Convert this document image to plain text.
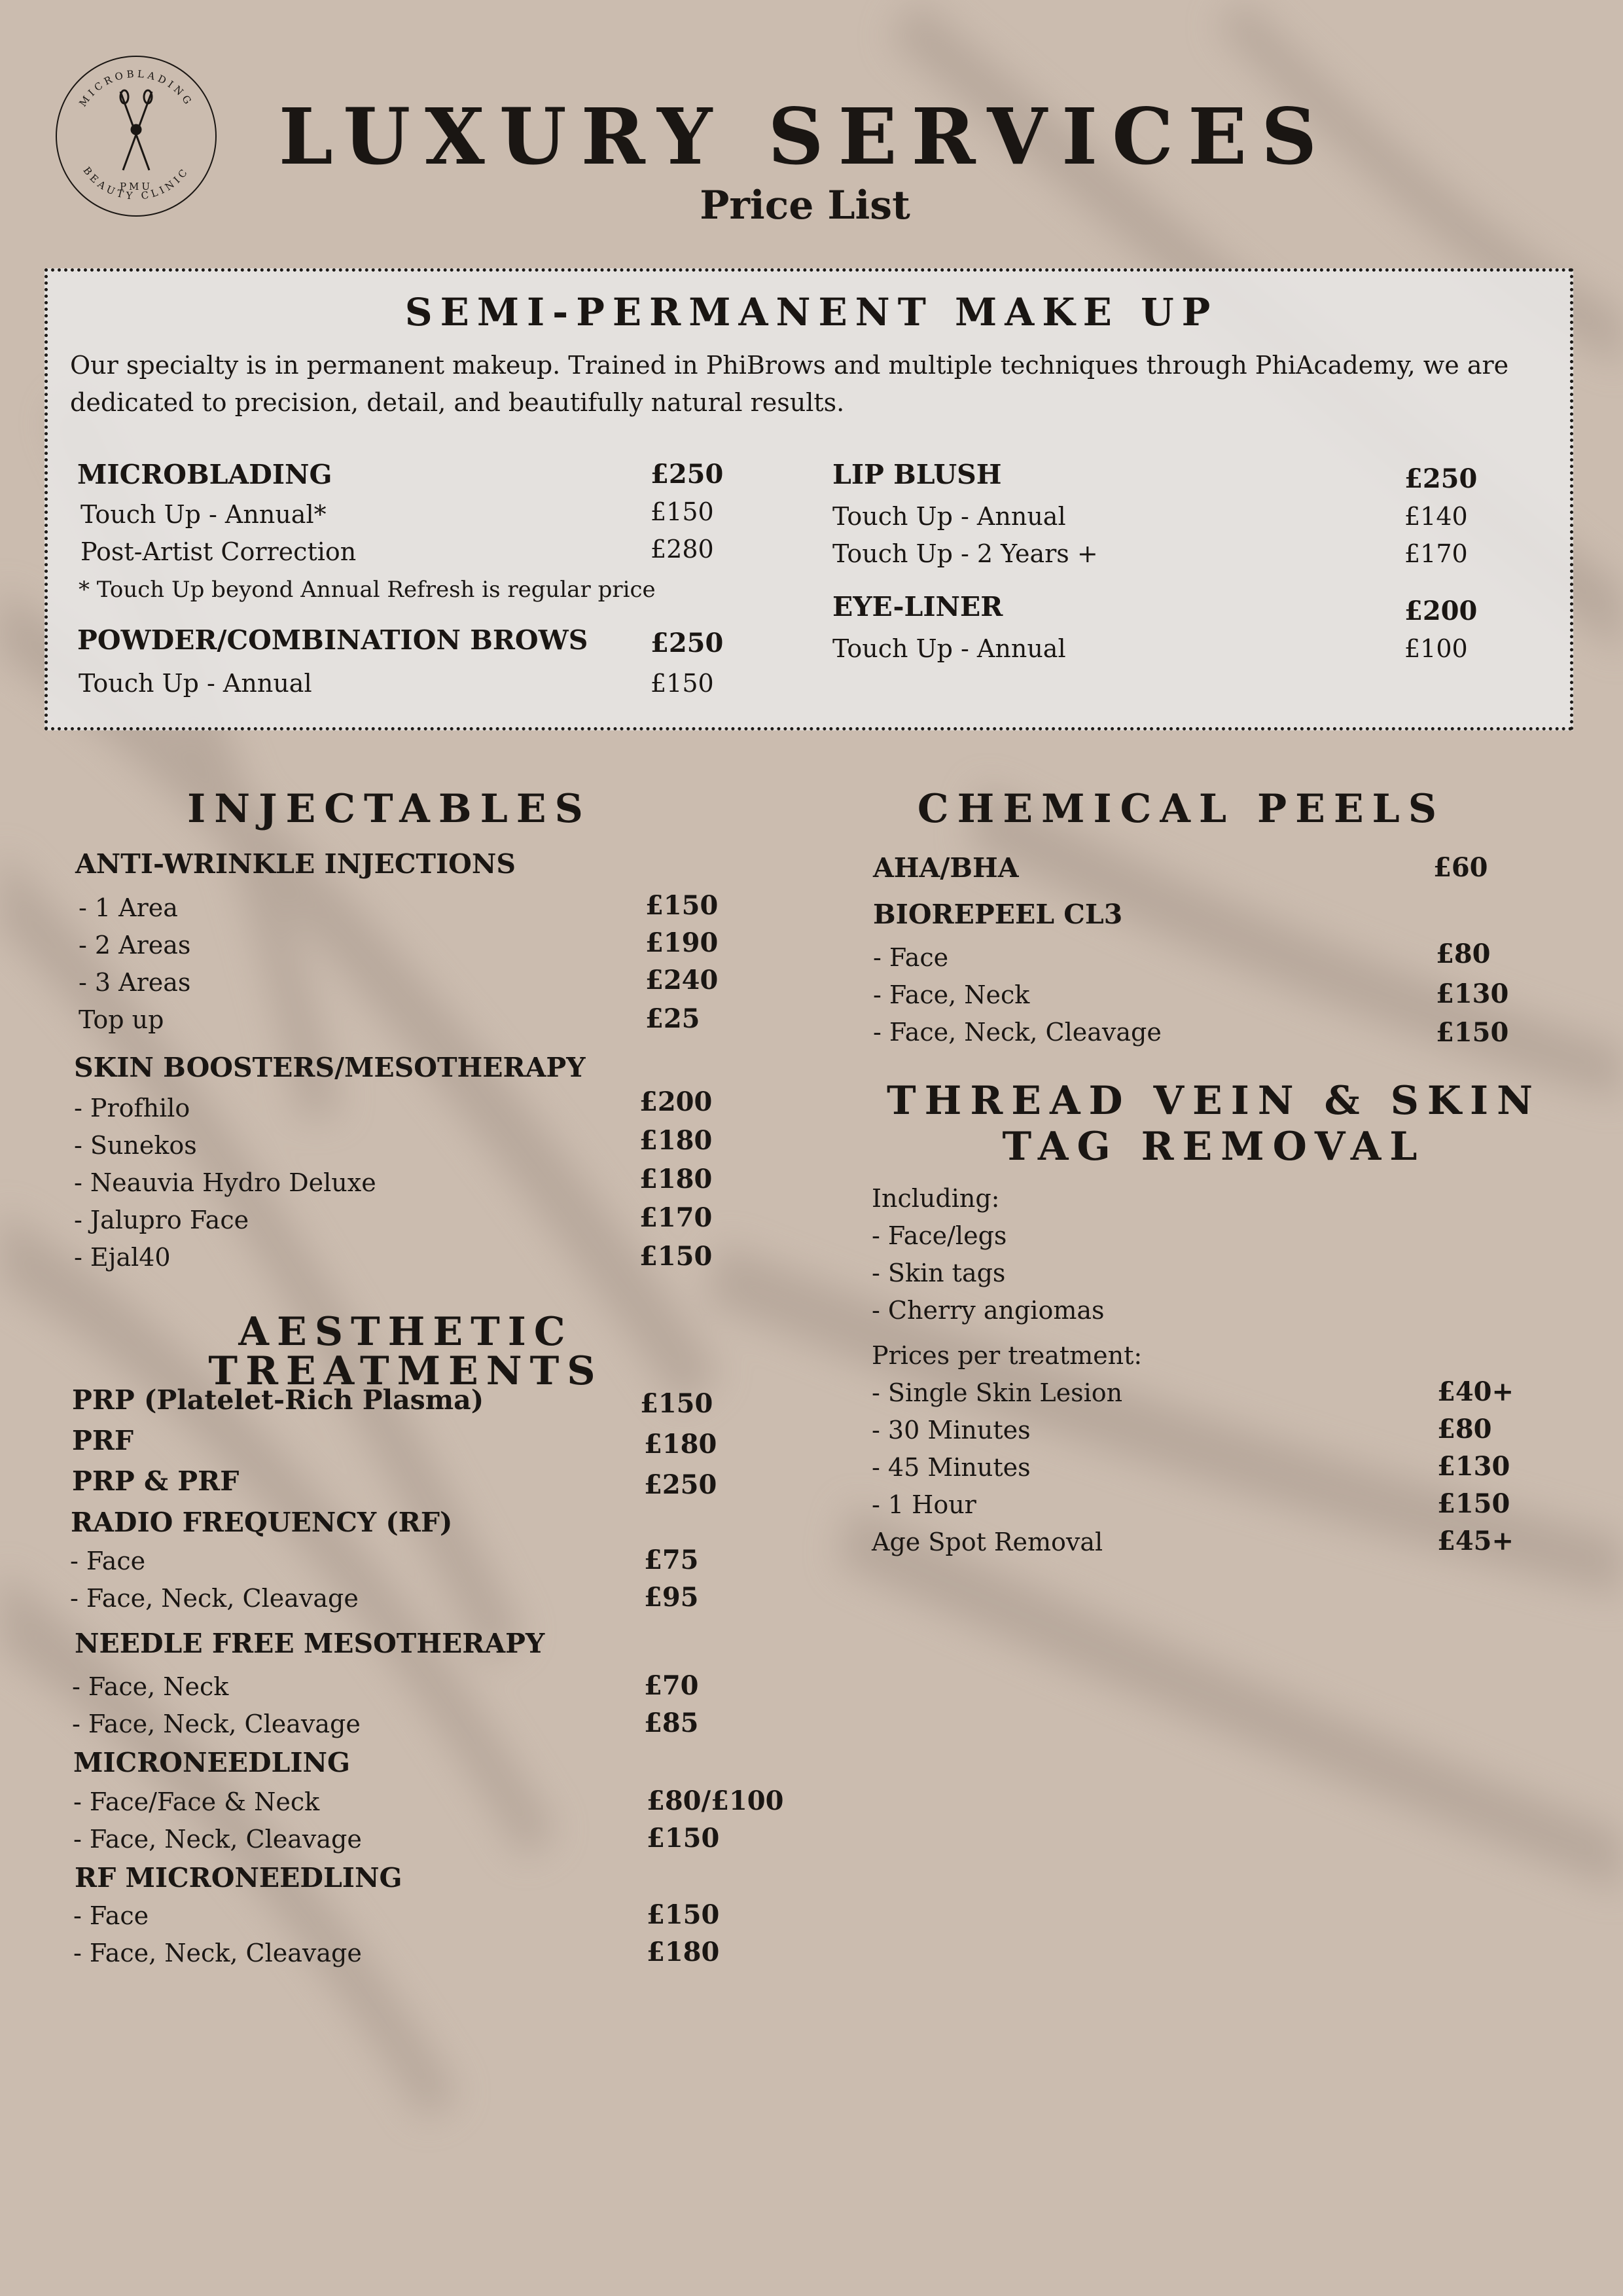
MICROBLADING
BEAUTY CLINIC
PMU
LUXURY SERVICES
Price List
SEMI-PERMANENT MAKE UP
Our specialty is in permanent makeup. Trained in PhiBrows and multiple techniques through PhiAcademy, we are dedicated to precision, detail, and beautifully natural results.
MICROBLADING	£250
Touch Up - Annual*	£150
Post-Artist Correction	£280
* Touch Up beyond Annual Refresh is regular price
POWDER/COMBINATION BROWS £250
Touch Up - Annual	£150
LIP BLUSH	£250
Touch Up - Annual	£140
Touch Up - 2 Years +	£170
EYE-LINER	£200
Touch Up - Annual	£100
INJECTABLES
ANTI-WRINKLE INJECTIONS
- 1 Area	£150
- 2 Areas	£190
- 3 Areas	£240
Top up	£25
SKIN BOOSTERS/MESOTHERAPY
- Profhilo	£200
- Sunekos	£180
- Neauvia Hydro Deluxe	£180
- Jalupro Face	£170
- Ejal40	£150
AESTHETIC TREATMENTS
PRP (Platelet-Rich Plasma)	£150
PRF	£180
PRP & PRF	£250
RADIO FREQUENCY (RF)
- Face	£75
- Face, Neck, Cleavage	£95
NEEDLE FREE MESOTHERAPY
- Face, Neck	£70
- Face, Neck, Cleavage	£85
MICRONEEDLING
- Face/Face & Neck	£80/£100
- Face, Neck, Cleavage	£150
RF MICRONEEDLING
- Face	£150
- Face, Neck, Cleavage	£180
CHEMICAL PEELS
AHA/BHA	£60
BIOREPEEL CL3
- Face	£80
- Face, Neck	£130
- Face, Neck, Cleavage	£150
THREAD VEIN & SKIN
TAG REMOVAL
Including:
- Face/legs
- Skin tags
- Cherry angiomas
Prices per treatment:
- Single Skin Lesion	£40+
- 30 Minutes	£80
- 45 Minutes	£130
- 1 Hour	£150
Age Spot Removal	£45+
